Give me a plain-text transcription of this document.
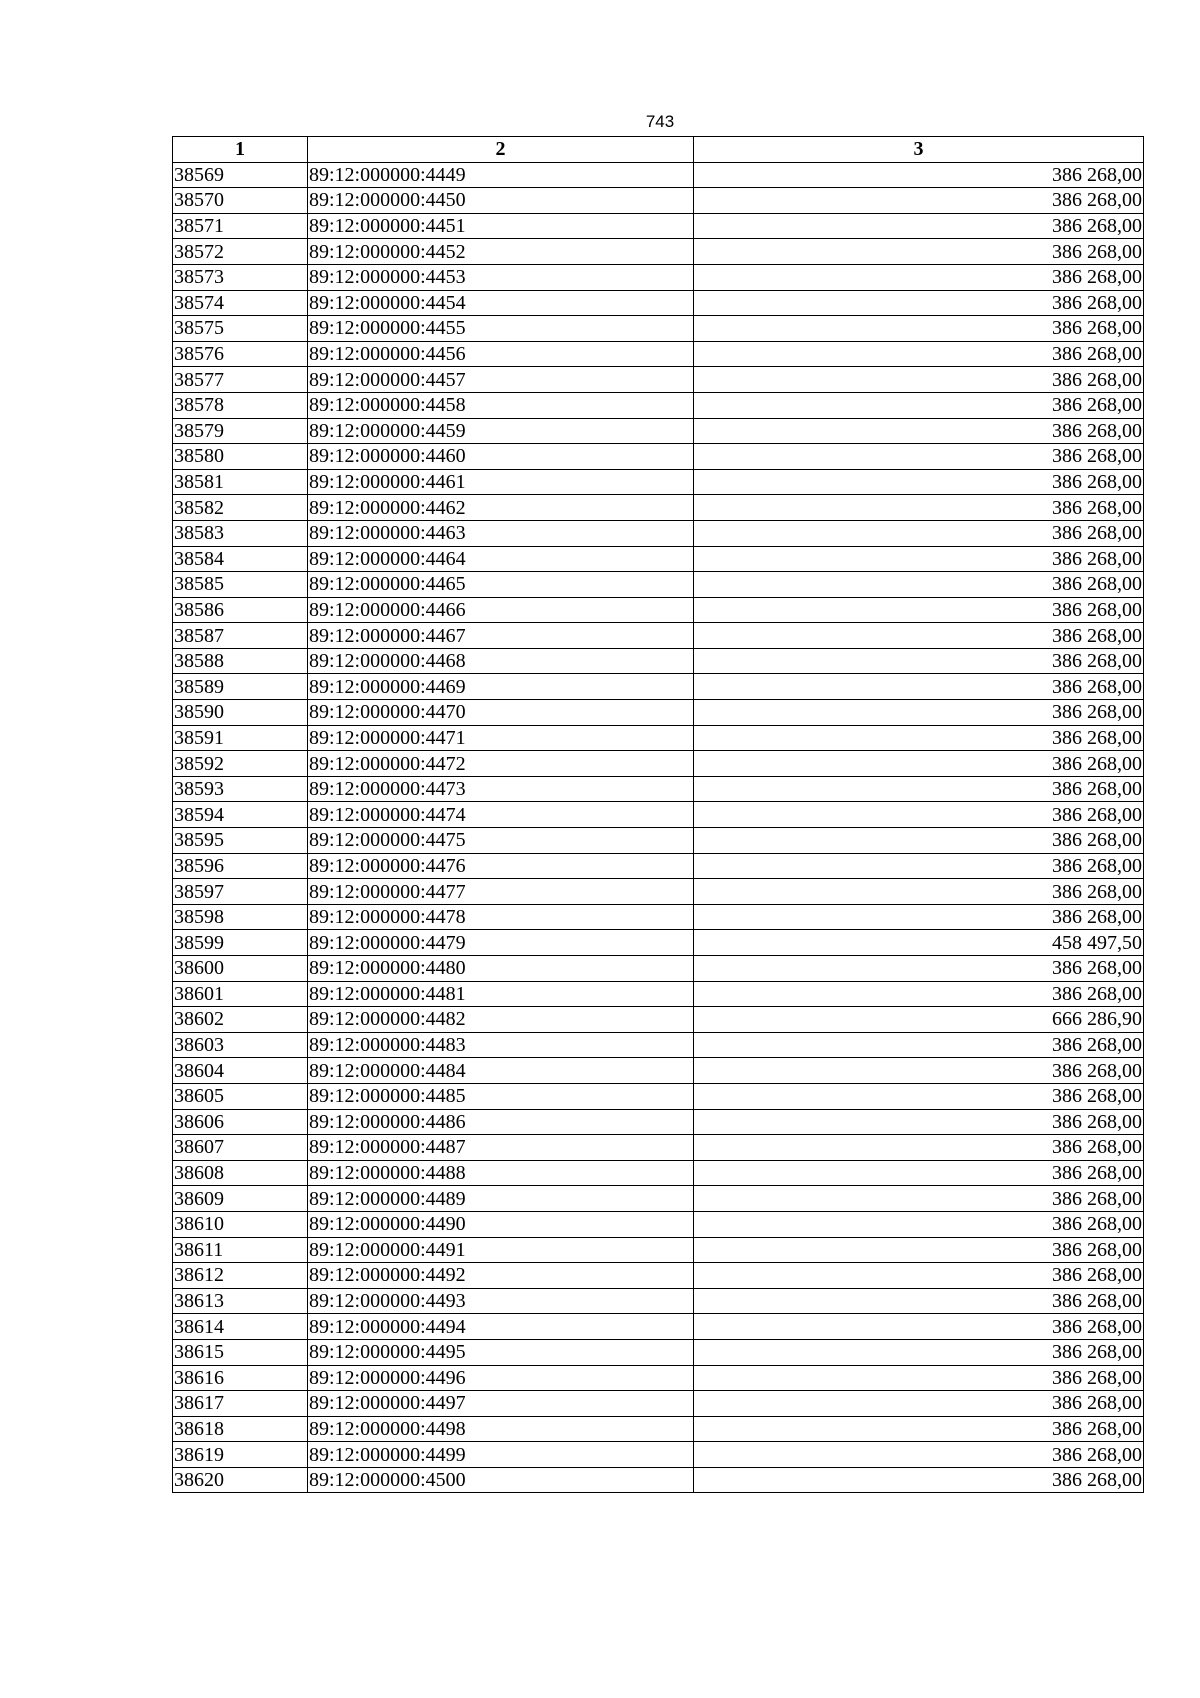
743
1	2	3
38569	89:12:000000:4449	386 268,00
38570	89:12:000000:4450	386 268,00
38571	89:12:000000:4451	386 268,00
38572	89:12:000000:4452	386 268,00
38573	89:12:000000:4453	386 268,00
38574	89:12:000000:4454	386 268,00
38575	89:12:000000:4455	386 268,00
38576	89:12:000000:4456	386 268,00
38577	89:12:000000:4457	386 268,00
38578	89:12:000000:4458	386 268,00
38579	89:12:000000:4459	386 268,00
38580	89:12:000000:4460	386 268,00
38581	89:12:000000:4461	386 268,00
38582	89:12:000000:4462	386 268,00
38583	89:12:000000:4463	386 268,00
38584	89:12:000000:4464	386 268,00
38585	89:12:000000:4465	386 268,00
38586	89:12:000000:4466	386 268,00
38587	89:12:000000:4467	386 268,00
38588	89:12:000000:4468	386 268,00
38589	89:12:000000:4469	386 268,00
38590	89:12:000000:4470	386 268,00
38591	89:12:000000:4471	386 268,00
38592	89:12:000000:4472	386 268,00
38593	89:12:000000:4473	386 268,00
38594	89:12:000000:4474	386 268,00
38595	89:12:000000:4475	386 268,00
38596	89:12:000000:4476	386 268,00
38597	89:12:000000:4477	386 268,00
38598	89:12:000000:4478	386 268,00
38599	89:12:000000:4479	458 497,50
38600	89:12:000000:4480	386 268,00
38601	89:12:000000:4481	386 268,00
38602	89:12:000000:4482	666 286,90
38603	89:12:000000:4483	386 268,00
38604	89:12:000000:4484	386 268,00
38605	89:12:000000:4485	386 268,00
38606	89:12:000000:4486	386 268,00
38607	89:12:000000:4487	386 268,00
38608	89:12:000000:4488	386 268,00
38609	89:12:000000:4489	386 268,00
38610	89:12:000000:4490	386 268,00
38611	89:12:000000:4491	386 268,00
38612	89:12:000000:4492	386 268,00
38613	89:12:000000:4493	386 268,00
38614	89:12:000000:4494	386 268,00
38615	89:12:000000:4495	386 268,00
38616	89:12:000000:4496	386 268,00
38617	89:12:000000:4497	386 268,00
38618	89:12:000000:4498	386 268,00
38619	89:12:000000:4499	386 268,00
38620	89:12:000000:4500	386 268,00
